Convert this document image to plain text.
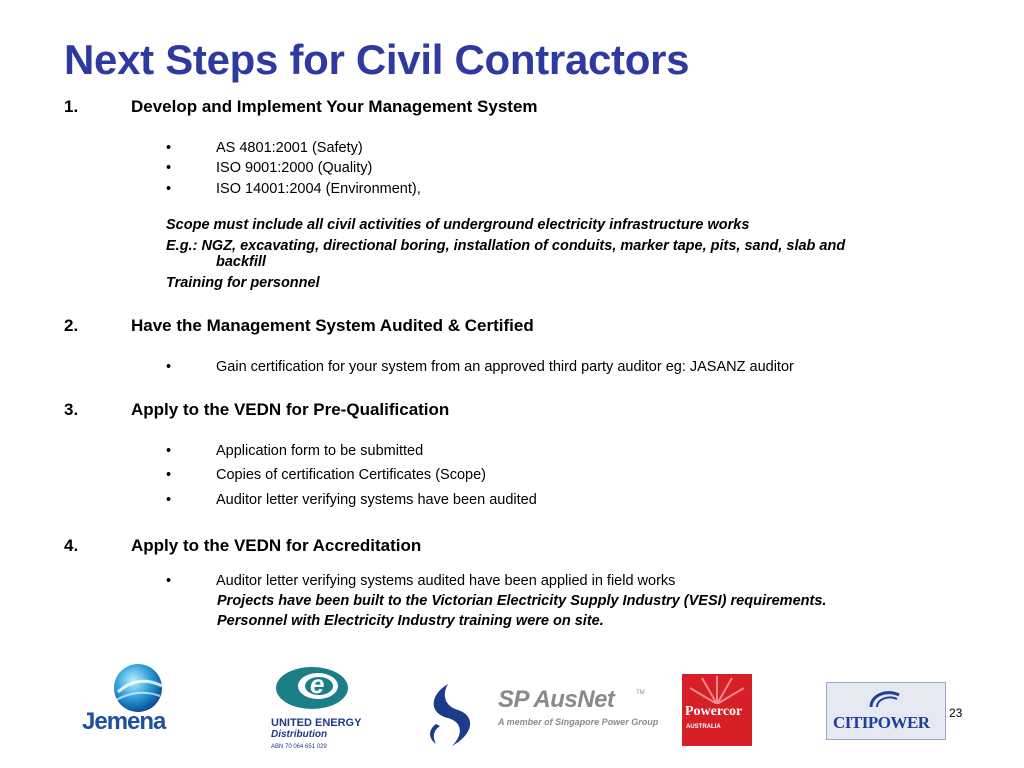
Next Steps for Civil Contractors
1.	Develop and Implement Your Management System
•	AS 4801:2001 (Safety)
•	ISO 9001:2000 (Quality)
•	ISO 14001:2004 (Environment),
Scope must include all civil activities of underground electricity infrastructure works
E.g.: NGZ, excavating, directional boring, installation of conduits, marker tape, pits, sand, slab and
backfill
Training for personnel
2.	Have the Management System Audited & Certified
•	Gain certification for your system from an approved third party auditor eg: JASANZ auditor
3.	Apply to the VEDN for Pre-Qualification
•	Application form to be submitted
•	Copies of certification Certificates (Scope)
•	Auditor letter verifying systems have been audited
4.	Apply to the VEDN for Accreditation
•	Auditor letter verifying systems audited have been applied in field works
Projects have been built to the Victorian Electricity Supply Industry (VESI) requirements.
Personnel with Electricity Industry training were on site.
Jemena
e
UNITED ENERGY
Distribution
ABN 70 064 651 029
SP AusNet	TM
A member of Singapore Power Group
Powercor
AUSTRALIA	CITIPOWER 23
